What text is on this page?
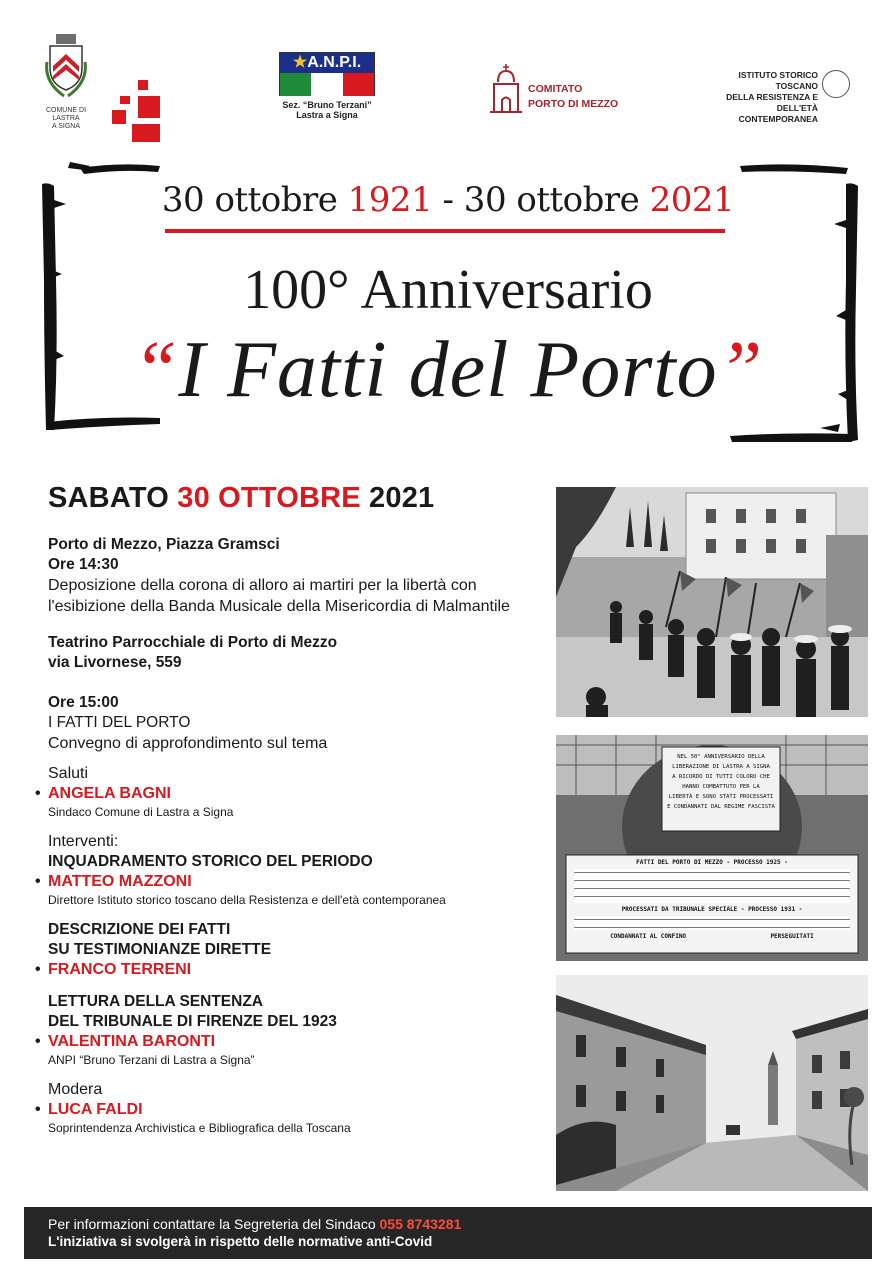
COMUNE DI
LASTRA
A SIGNA
★A.N.P.I.
Sez. “Bruno Terzani”
Lastra a Signa
COMITATO
PORTO DI MEZZO
ISTITUTO STORICO TOSCANO
DELLA RESISTENZA E
DELL'ETÀ CONTEMPORANEA
30 ottobre 1921 - 30 ottobre 2021
100° Anniversario
“I Fatti del Porto”
SABATO 30 OTTOBRE 2021
Porto di Mezzo, Piazza Gramsci
Ore 14:30
Deposizione della corona di alloro ai martiri per la libertà con l'esibizione della Banda Musicale della Misericordia di Malmantile
Teatrino Parrocchiale di Porto di Mezzo
via Livornese, 559
Ore 15:00
I FATTI DEL PORTO
Convegno di approfondimento sul tema
Saluti
• ANGELA BAGNI
Sindaco Comune di Lastra a Signa
Interventi:
INQUADRAMENTO STORICO DEL PERIODO
• MATTEO MAZZONI
Direttore Istituto storico toscano della Resistenza e dell'età contemporanea
DESCRIZIONE DEI FATTI
SU TESTIMONIANZE DIRETTE
• FRANCO TERRENI
LETTURA DELLA SENTENZA
DEL TRIBUNALE DI FIRENZE DEL 1923
• VALENTINA BARONTI
ANPI “Bruno Terzani di Lastra a Signa”
Modera
• LUCA FALDI
Soprintendenza Archivistica e Bibliografica della Toscana
NEL 50° ANNIVERSARIO DELLA
LIBERAZIONE DI LASTRA A SIGNA
A RICORDO DI TUTTI COLORO CHE
HANNO COMBATTUTO PER LA
LIBERTÀ E SONO STATI PROCESSATI
E CONDANNATI DAL REGIME FASCISTA
FATTI DEL PORTO DI MEZZO - PROCESSO 1925 -
PROCESSATI DA TRIBUNALE SPECIALE - PROCESSO 1931 -
CONDANNATI AL CONFINO	PERSEGUITATI
Per informazioni contattare la Segreteria del Sindaco 055 8743281
L'iniziativa si svolgerà in rispetto delle normative anti-Covid
